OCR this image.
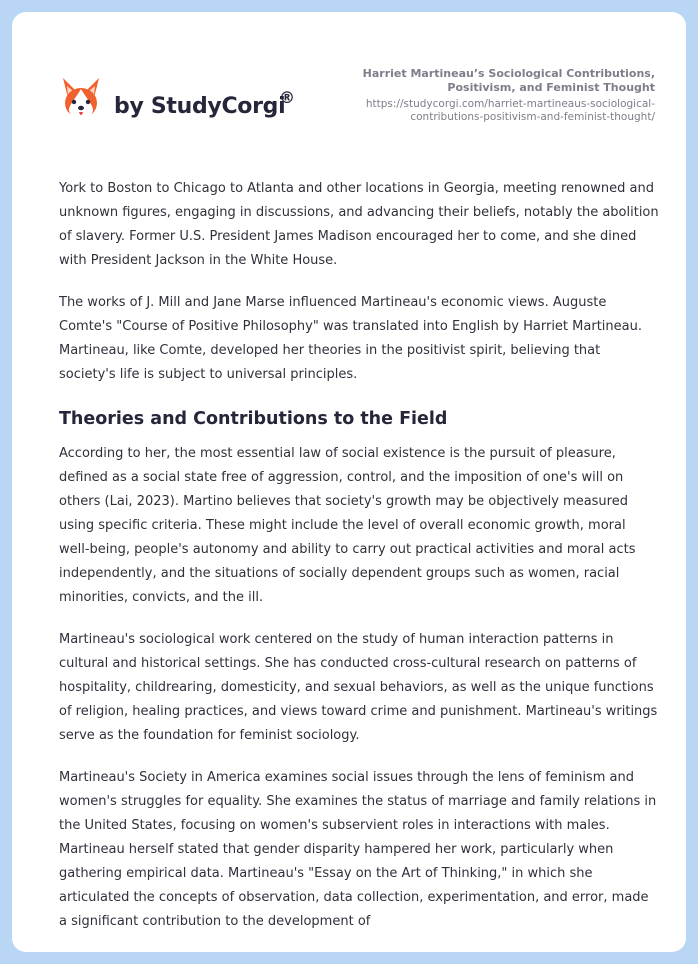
by StudyCorgi
®
Harriet Martineau’s Sociological Contributions, Positivism, and Feminist Thought
https://studycorgi.com/harriet-martineaus-sociological-contributions-positivism-and-feminist-thought/

York to Boston to Chicago to Atlanta and other locations in Georgia, meeting renowned and unknown figures, engaging in discussions, and advancing their beliefs, notably the abolition of slavery. Former U.S. President James Madison encouraged her to come, and she dined with President Jackson in the White House.

The works of J. Mill and Jane Marse influenced Martineau's economic views. Auguste Comte's "Course of Positive Philosophy" was translated into English by Harriet Martineau. Martineau, like Comte, developed her theories in the positivist spirit, believing that society's life is subject to universal principles.

Theories and Contributions to the Field

According to her, the most essential law of social existence is the pursuit of pleasure, defined as a social state free of aggression, control, and the imposition of one's will on others (Lai, 2023). Martino believes that society's growth may be objectively measured using specific criteria. These might include the level of overall economic growth, moral well-being, people's autonomy and ability to carry out practical activities and moral acts independently, and the situations of socially dependent groups such as women, racial minorities, convicts, and the ill.

Martineau's sociological work centered on the study of human interaction patterns in cultural and historical settings. She has conducted cross-cultural research on patterns of hospitality, childrearing, domesticity, and sexual behaviors, as well as the unique functions of religion, healing practices, and views toward crime and punishment. Martineau's writings serve as the foundation for feminist sociology.

Martineau's Society in America examines social issues through the lens of feminism and women's struggles for equality. She examines the status of marriage and family relations in the United States, focusing on women's subservient roles in interactions with males. Martineau herself stated that gender disparity hampered her work, particularly when gathering empirical data. Martineau's "Essay on the Art of Thinking," in which she articulated the concepts of observation, data collection, experimentation, and error, made a significant contribution to the development of
